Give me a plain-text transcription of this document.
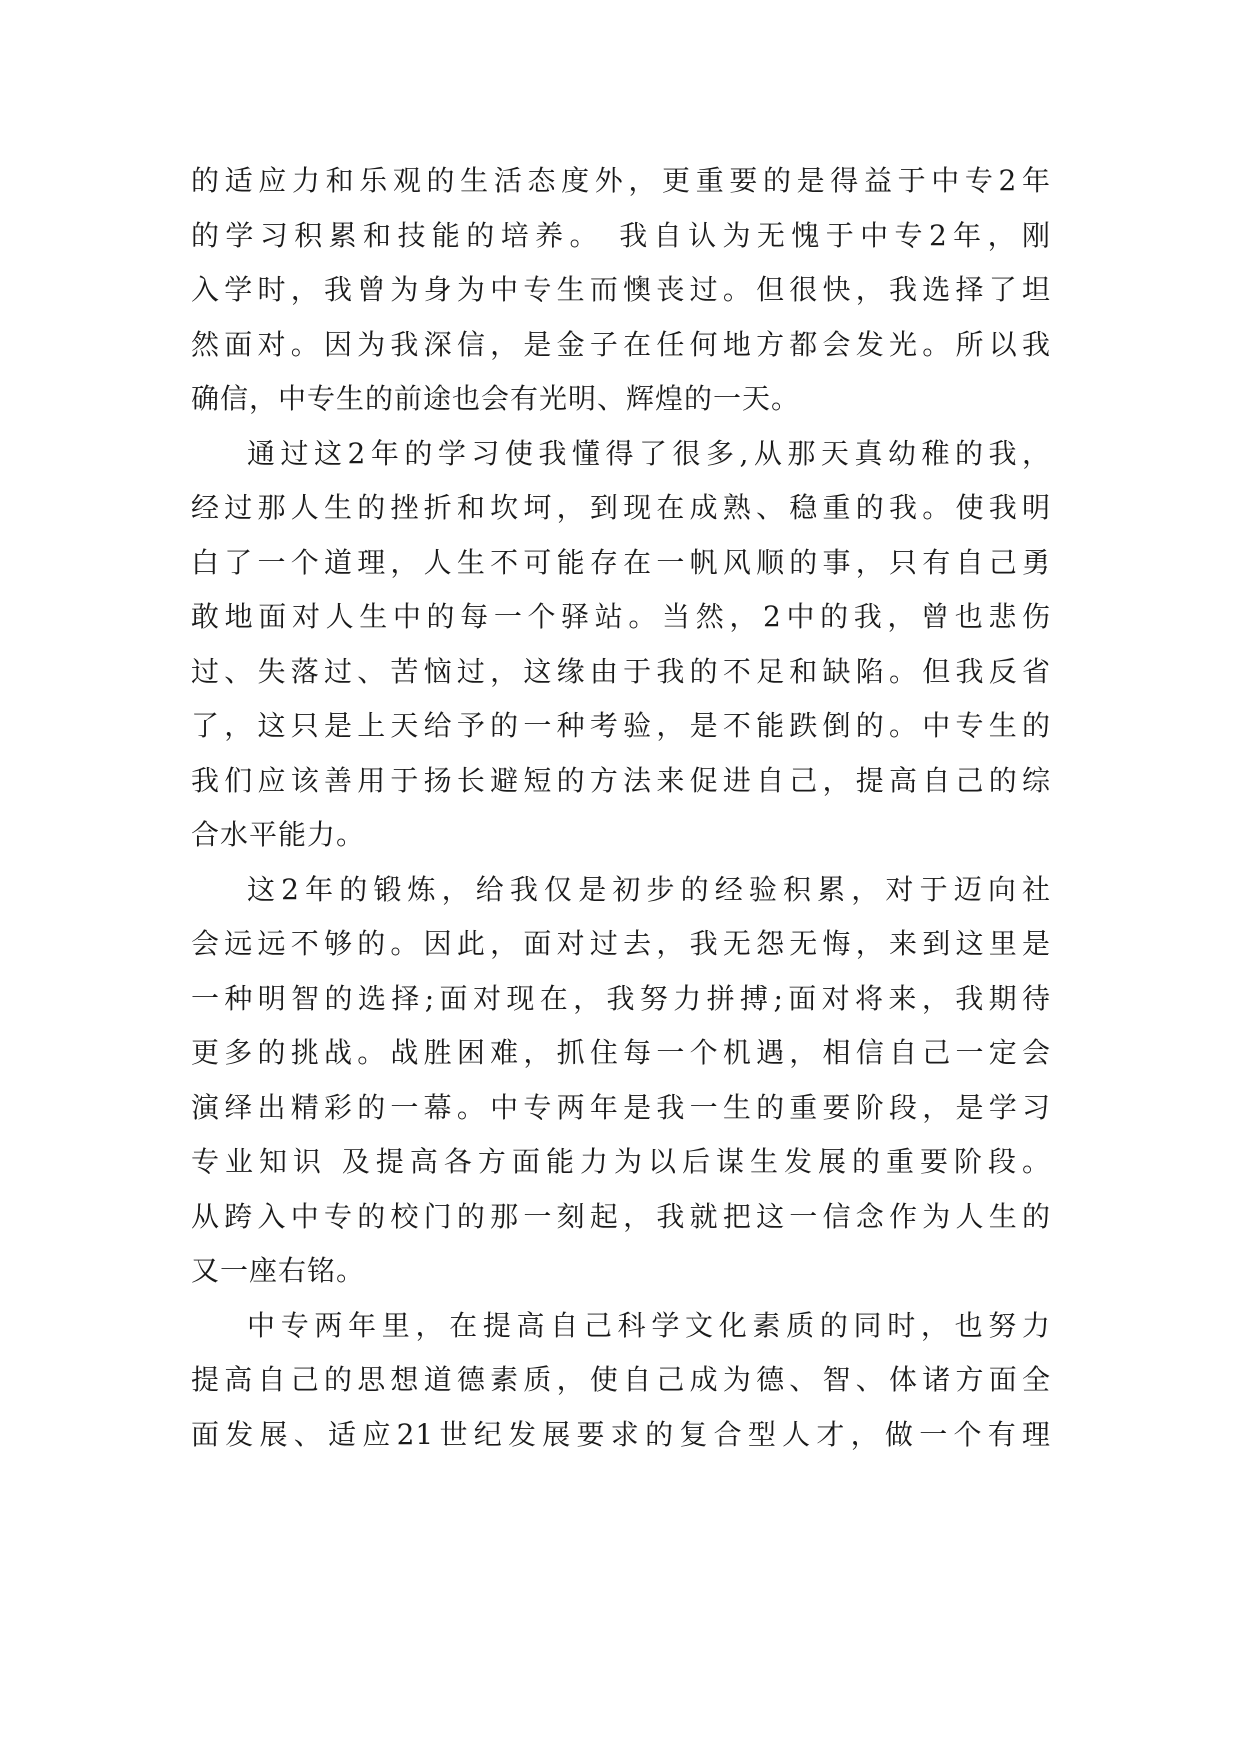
的适应力和乐观的生活态度外，更重要的是得益于中专2年
的学习积累和技能的培养。 我自认为无愧于中专2年，刚
入学时，我曾为身为中专生而懊丧过。但很快，我选择了坦
然面对。因为我深信，是金子在任何地方都会发光。所以我
确信，中专生的前途也会有光明、辉煌的一天。
通过这2年的学习使我懂得了很多,从那天真幼稚的我，
经过那人生的挫折和坎坷，到现在成熟、稳重的我。使我明
白了一个道理，人生不可能存在一帆风顺的事，只有自己勇
敢地面对人生中的每一个驿站。当然，2中的我，曾也悲伤
过、失落过、苦恼过，这缘由于我的不足和缺陷。但我反省
了，这只是上天给予的一种考验，是不能跌倒的。中专生的
我们应该善用于扬长避短的方法来促进自己，提高自己的综
合水平能力。
这2年的锻炼，给我仅是初步的经验积累，对于迈向社
会远远不够的。因此，面对过去，我无怨无悔，来到这里是
一种明智的选择;面对现在，我努力拼搏;面对将来，我期待
更多的挑战。战胜困难，抓住每一个机遇，相信自己一定会
演绎出精彩的一幕。中专两年是我一生的重要阶段，是学习
专业知识 及提高各方面能力为以后谋生发展的重要阶段。
从跨入中专的校门的那一刻起，我就把这一信念作为人生的
又一座右铭。
中专两年里，在提高自己科学文化素质的同时，也努力
提高自己的思想道德素质，使自己成为德、智、体诸方面全
面发展、适应21世纪发展要求的复合型人才，做一个有理
